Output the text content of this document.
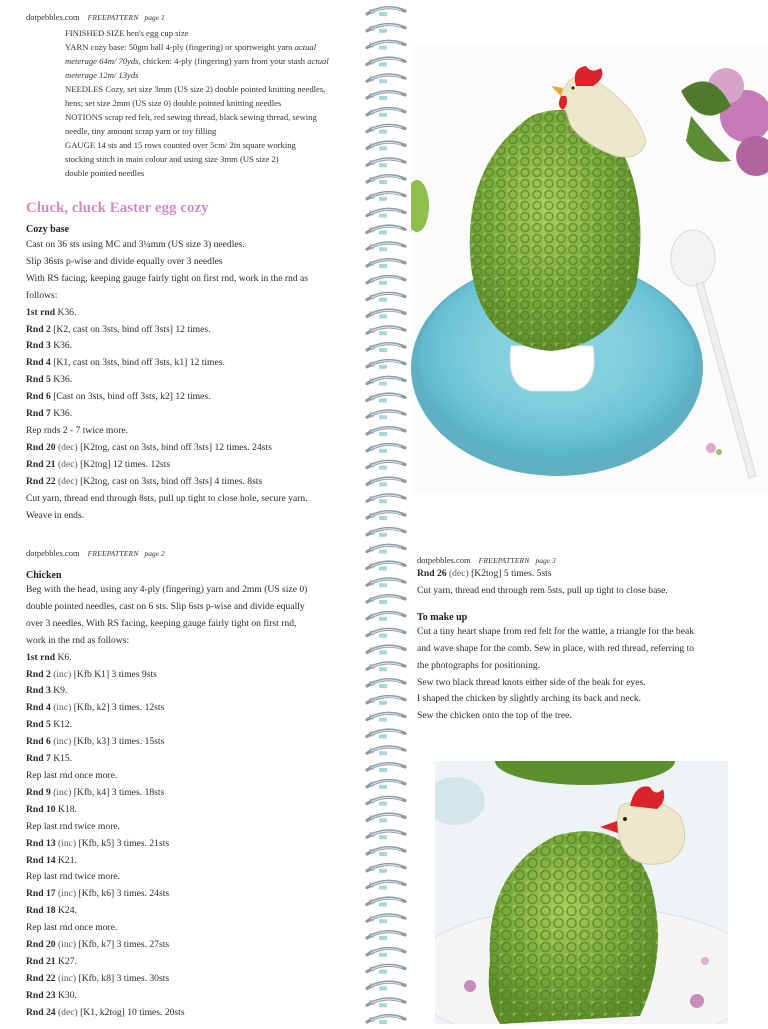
dotpebbles.com FREEPATTERN page 1

FINISHED SIZE hen's egg cup size

YARN cozy base: 50gm ball 4-ply (fingering) or sportweight yarn actual

meterage 64m/ 70yds, chicken: 4-ply (fingering) yarn from your stash actual

meterage 12m/ 13yds

NEEDLES Cozy, set size 3mm (US size 2) double pointed knitting needles,

hens; set size 2mm (US size 0) double pointed knitting needles

NOTIONS scrap red felt, red sewing thread, black sewing thread, sewing

needle, tiny amount scrap yarn or toy filling

GAUGE 14 sts and 15 rows counted over 5cm/ 2in square working

stocking stitch in main colour and using size 3mm (US size 2)

double pointed needles

Cluck, cluck Easter egg cozy

Cozy base

Cast on 36 sts using MC and 3¼mm (US size 3) needles.

Slip 36sts p-wise and divide equally over 3 needles

With RS facing, keeping gauge fairly tight on first rnd, work in the rnd as

follows:

1st rnd K36.

Rnd 2 [K2, cast on 3sts, bind off 3sts] 12 times.

Rnd 3 K36.

Rnd 4 [K1, cast on 3sts, bind off 3sts, k1] 12 times.

Rnd 5 K36.

Rnd 6 [Cast on 3sts, bind off 3sts, k2] 12 times.

Rnd 7 K36.

Rep rnds 2 - 7 twice more.

Rnd 20 (dec) [K2tog, cast on 3sts, bind off 3sts] 12 times. 24sts

Rnd 21 (dec) [K2tog] 12 times. 12sts

Rnd 22 (dec) [K2tog, cast on 3sts, bind off 3sts] 4 times. 8sts

Cut yarn, thread end through 8sts, pull up tight to close hole, secure yarn.

Weave in ends.

dotpebbles.com FREEPATTERN page 2

Chicken

Beg with the head, using any 4-ply (fingering) yarn and 2mm (US size 0)

double pointed needles, cast on 6 sts. Slip 6sts p-wise and divide equally

over 3 needles. With RS facing, keeping gauge fairly tight on first rnd,

work in the rnd as follows:

1st rnd K6.

Rnd 2 (inc) [Kfb K1] 3 times 9sts

Rnd 3 K9.

Rnd 4 (inc) [Kfb, k2] 3 times. 12sts

Rnd 5 K12.

Rnd 6 (inc) [Kfb, k3] 3 times. 15sts

Rnd 7 K15.

Rep last rnd once more.

Rnd 9 (inc) [Kfb, k4] 3 times. 18sts

Rnd 10 K18.

Rep last rnd twice more.

Rnd 13 (inc) [Kfb, k5] 3 times. 21sts

Rnd 14 K21.

Rep last rnd twice more.

Rnd 17 (inc) [Kfb, k6] 3 times. 24sts

Rnd 18 K24.

Rep last rnd once more.

Rnd 20 (inc) [Kfb, k7] 3 times. 27sts

Rnd 21 K27.

Rnd 22 (inc) [Kfb, k8] 3 times. 30sts

Rnd 23 K30.

Rnd 24 (dec) [K1, k2tog] 10 times. 20sts

dotpebbles.com FREEPATTERN page 3

Rnd 26 (dec) [K2tog] 5 times. 5sts

Cut yarn, thread end through rem 5sts, pull up tight to close base.

To make up

Cut a tiny heart shape from red felt for the wattle, a triangle for the beak

and wave shape for the comb. Sew in place, with red thread, referring to

the photographs for positioning.

Sew two black thread knots either side of the beak for eyes.

I shaped the chicken by slightly arching its back and neck.

Sew the chicken onto the top of the tree.
